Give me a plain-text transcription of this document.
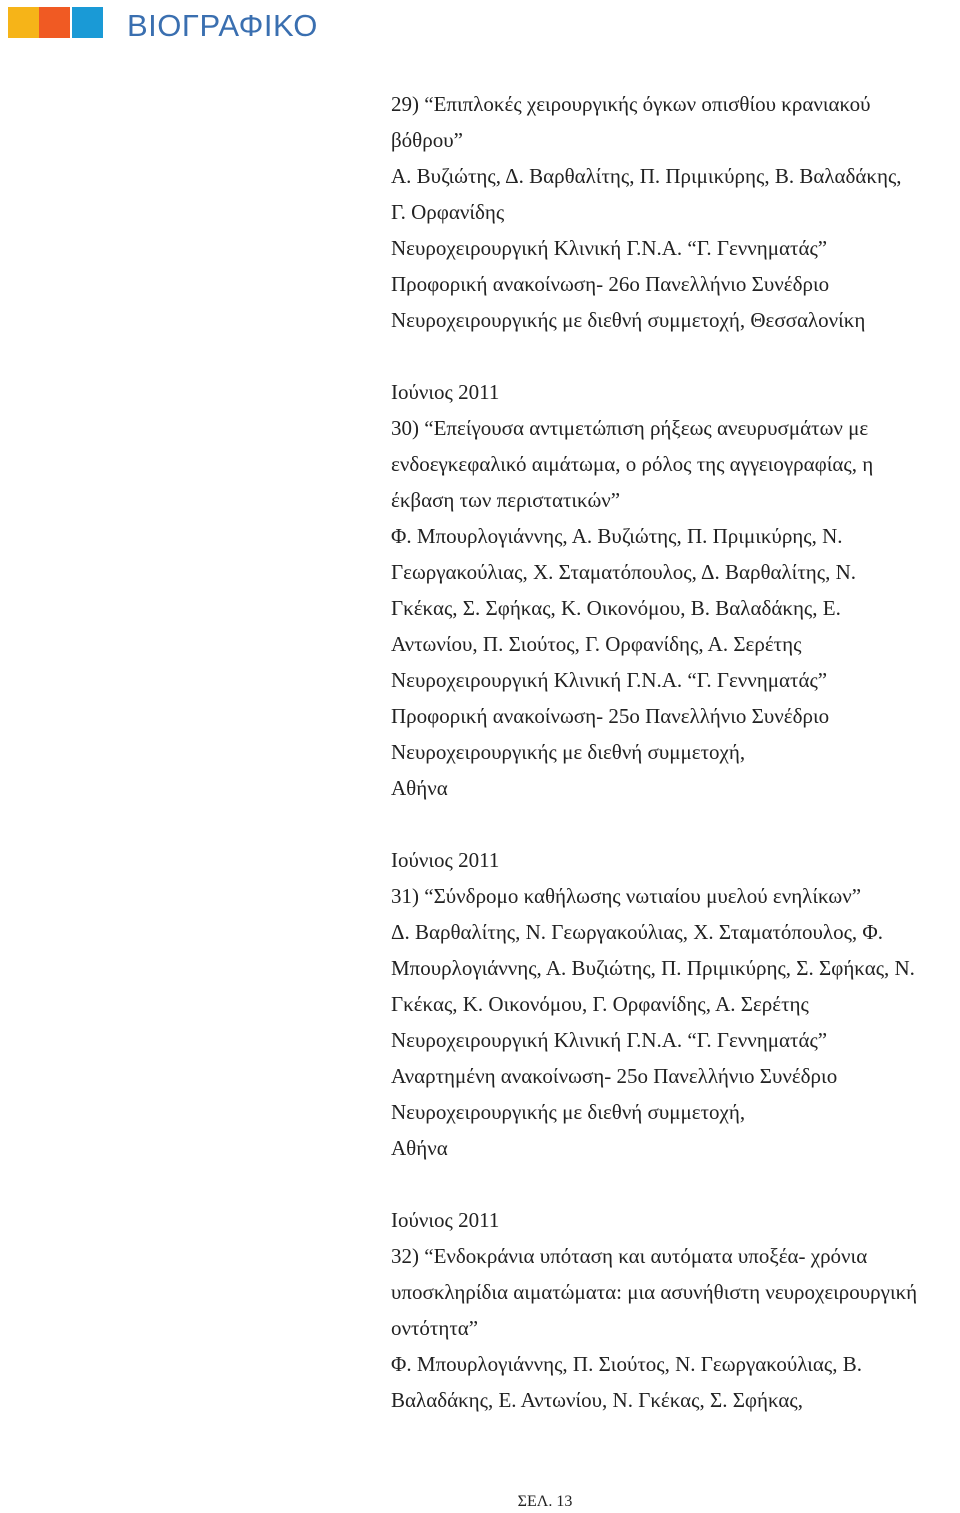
ΒΙΟΓΡΑΦΙΚΟ
29) “Επιπλοκές χειρουργικής όγκων οπισθίου κρανιακού
βόθρου”
Α. Βυζιώτης, Δ. Βαρθαλίτης, Π. Πριμικύρης, Β. Βαλαδάκης,
Γ. Ορφανίδης
Νευροχειρουργική Κλινική Γ.Ν.Α. “Γ. Γεννηματάς”
Προφορική ανακοίνωση- 26ο Πανελλήνιο Συνέδριο
Νευροχειρουργικής με διεθνή συμμετοχή, Θεσσαλονίκη
Ιούνιος 2011
30) “Επείγουσα αντιμετώπιση ρήξεως ανευρυσμάτων με
ενδοεγκεφαλικό αιμάτωμα, ο ρόλος της αγγειογραφίας, η
έκβαση των περιστατικών”
Φ. Μπουρλογιάννης, Α. Βυζιώτης, Π. Πριμικύρης, Ν.
Γεωργακούλιας, Χ. Σταματόπουλος, Δ. Βαρθαλίτης, Ν.
Γκέκας, Σ. Σφήκας, Κ. Οικονόμου, Β. Βαλαδάκης, Ε.
Αντωνίου, Π. Σιούτος, Γ. Ορφανίδης, Α. Σερέτης
Νευροχειρουργική Κλινική Γ.Ν.Α. “Γ. Γεννηματάς”
Προφορική ανακοίνωση- 25ο Πανελλήνιο Συνέδριο
Νευροχειρουργικής με διεθνή συμμετοχή,
Αθήνα
Ιούνιος 2011
31) “Σύνδρομο καθήλωσης νωτιαίου μυελού ενηλίκων”
Δ. Βαρθαλίτης, Ν. Γεωργακούλιας, Χ. Σταματόπουλος, Φ.
Μπουρλογιάννης, Α. Βυζιώτης, Π. Πριμικύρης, Σ. Σφήκας, Ν.
Γκέκας, Κ. Οικονόμου, Γ. Ορφανίδης, Α. Σερέτης
Νευροχειρουργική Κλινική Γ.Ν.Α. “Γ. Γεννηματάς”
Αναρτημένη ανακοίνωση- 25ο Πανελλήνιο Συνέδριο
Νευροχειρουργικής με διεθνή συμμετοχή,
Αθήνα
Ιούνιος 2011
32) “Ενδοκράνια υπόταση και αυτόματα υποξέα- χρόνια
υποσκληρίδια αιματώματα: μια ασυνήθιστη νευροχειρουργική
οντότητα”
Φ. Μπουρλογιάννης, Π. Σιούτος, Ν. Γεωργακούλιας, Β.
Βαλαδάκης, Ε. Αντωνίου, Ν. Γκέκας, Σ. Σφήκας,
ΣΕΛ. 13
